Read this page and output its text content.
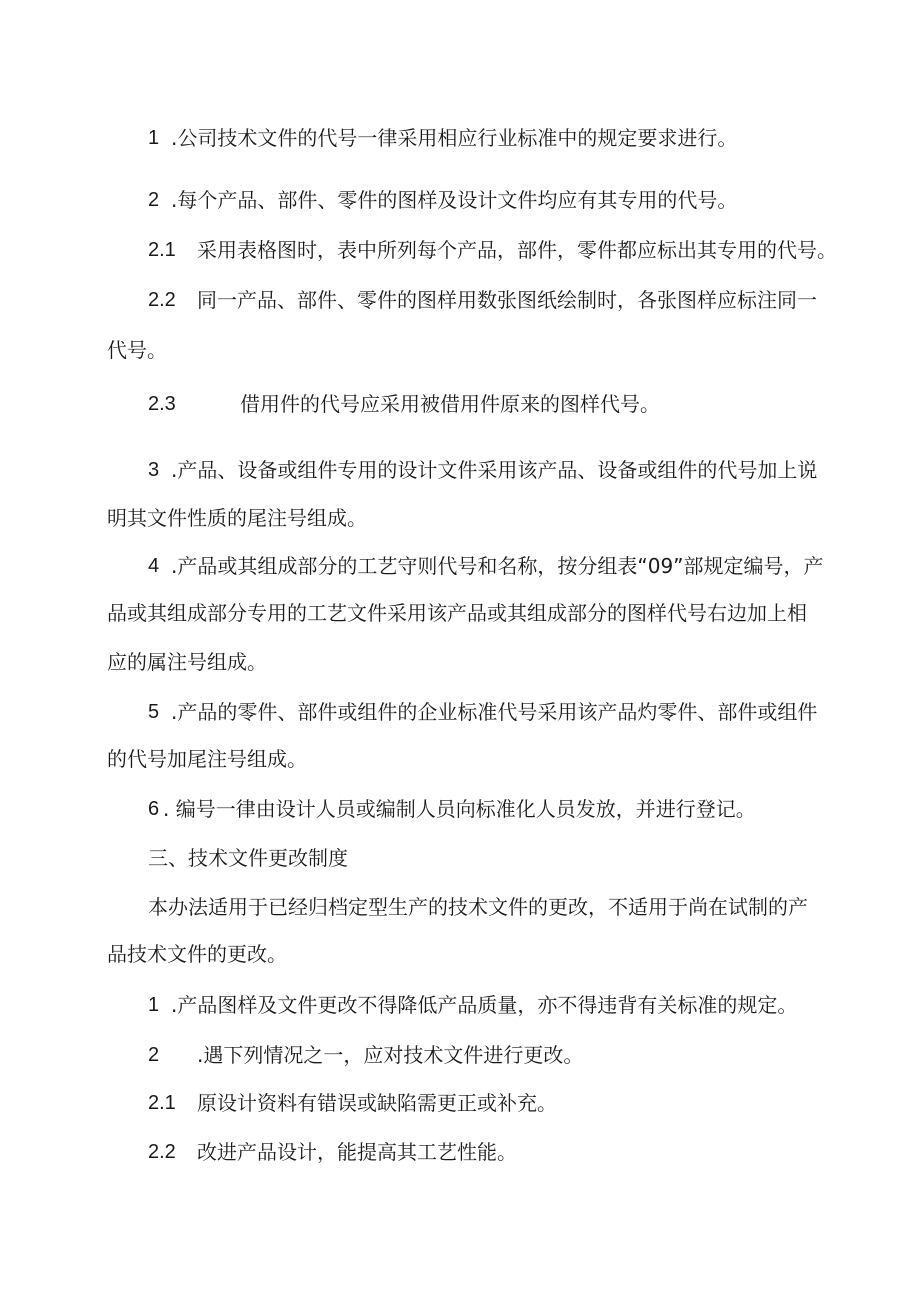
1 .公司技术文件的代号一律采用相应行业标准中的规定要求进行。
2 .每个产品、部件、零件的图样及设计文件均应有其专用的代号。
2.1 采用表格图时，表中所列每个产品，部件，零件都应标出其专用的代号。
2.2 同一产品、部件、零件的图样用数张图纸绘制时，各张图样应标注同一
代号。
2.3	借用件的代号应采用被借用件原来的图样代号。
3 .产品、设备或组件专用的设计文件采用该产品、设备或组件的代号加上说
明其文件性质的尾注号组成。
4 .产品或其组成部分的工艺守则代号和名称，按分组表“09”部规定编号，产
品或其组成部分专用的工艺文件采用该产品或其组成部分的图样代号右边加上相
应的属注号组成。
5 .产品的零件、部件或组件的企业标准代号采用该产品灼零件、部件或组件
的代号加尾注号组成。
6 . 编号一律由设计人员或编制人员向标准化人员发放，并进行登记。
三、技术文件更改制度
本办法适用于已经归档定型生产的技术文件的更改，不适用于尚在试制的产
品技术文件的更改。
1 .产品图样及文件更改不得降低产品质量，亦不得违背有关标准的规定。
2 .遇下列情况之一，应对技术文件进行更改。
2.1 原设计资料有错误或缺陷需更正或补充。
2.2 改进产品设计，能提高其工艺性能。
